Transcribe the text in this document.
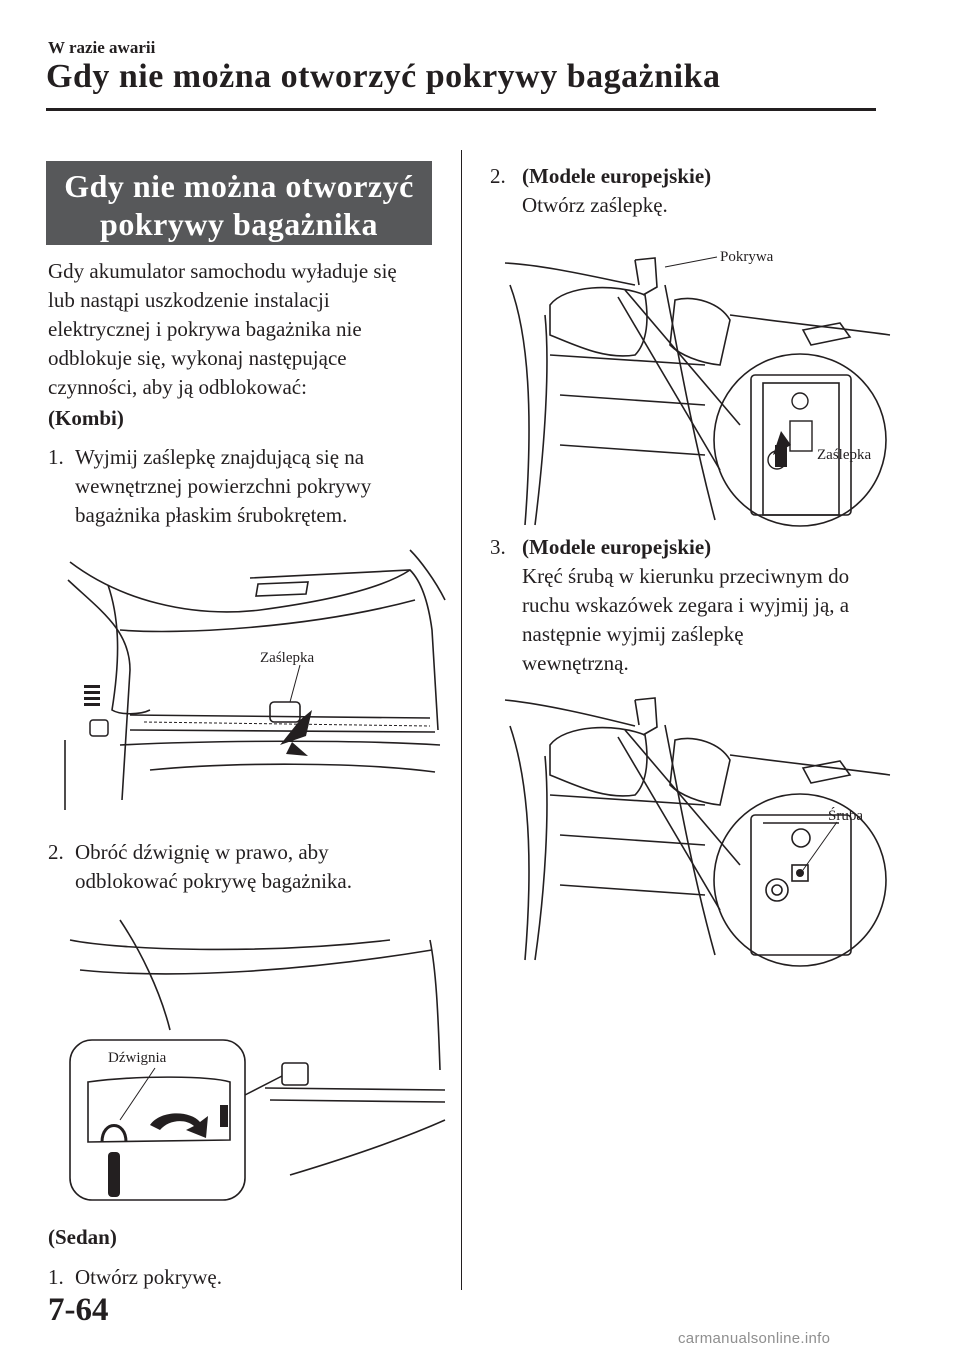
W razie awarii
Gdy nie można otworzyć pokrywy bagażnika
Gdy nie można otworzyć
pokrywy bagażnika
Gdy akumulator samochodu wyładuje się
lub nastąpi uszkodzenie instalacji
elektrycznej i pokrywa bagażnika nie
odblokuje się, wykonaj następujące
czynności, aby ją odblokować:
(Kombi)
1. Wyjmij zaślepkę znajdującą się na
wewnętrznej powierzchni pokrywy
bagażnika płaskim śrubokrętem.
Zaślepka
2. Obróć dźwignię w prawo, aby
odblokować pokrywę bagażnika.
Dźwignia
(Sedan)
1. Otwórz pokrywę.
2. (Modele europejskie)
Otwórz zaślepkę.
Pokrywa
Zaślepka
3. (Modele europejskie)
Kręć śrubą w kierunku przeciwnym do
ruchu wskazówek zegara i wyjmij ją, a
następnie wyjmij zaślepkę
wewnętrzną.
Śruba
7-64
carmanualsonline.info
